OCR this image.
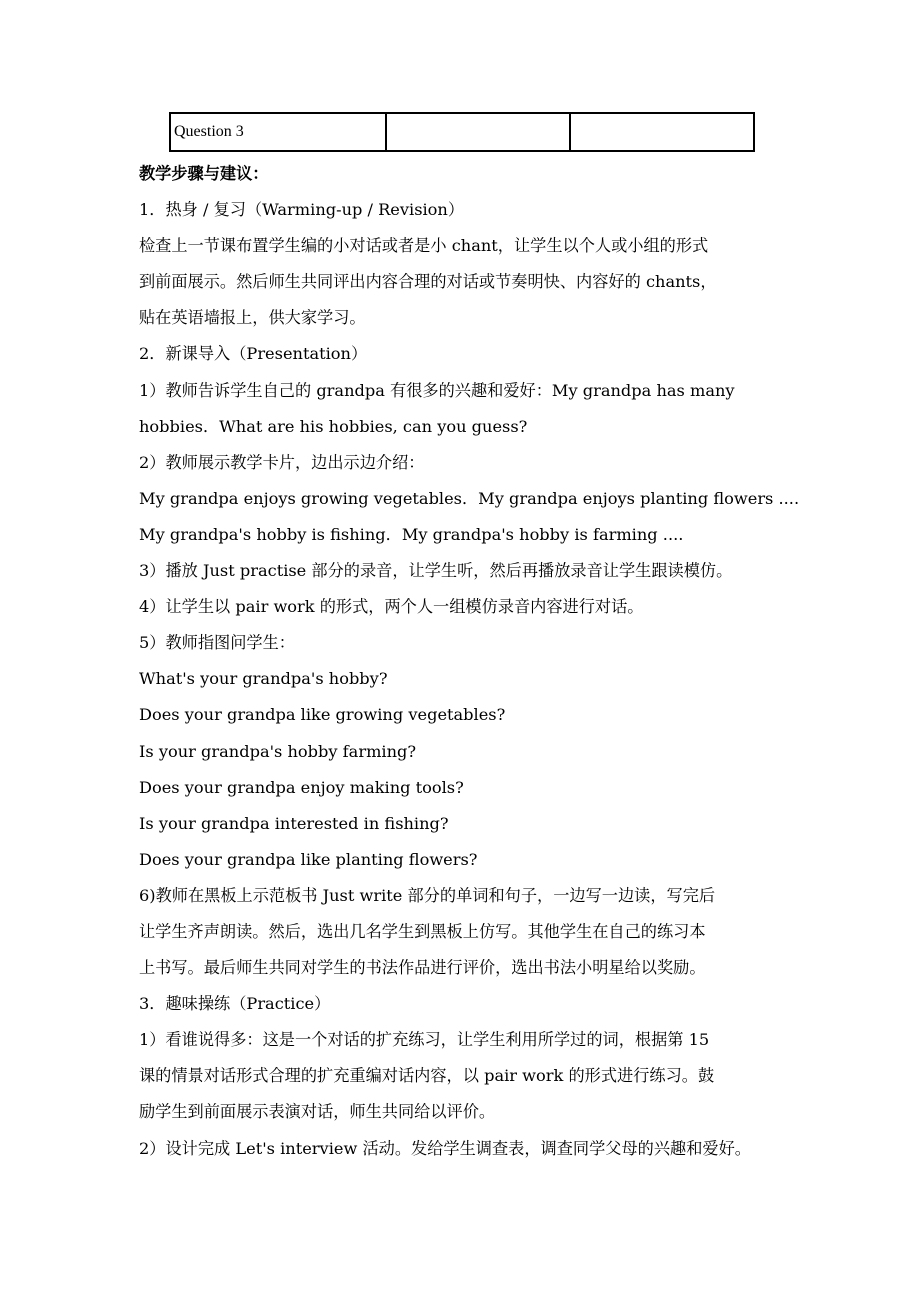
Question 3		

教学步骤与建议：

1．热身 / 复习（Warming-up / Revision）

检查上一节课布置学生编的小对话或者是小 chant，让学生以个人或小组的形式

到前面展示。然后师生共同评出内容合理的对话或节奏明快、内容好的 chants，

贴在英语墙报上，供大家学习。

2．新课导入（Presentation）

1）教师告诉学生自己的 grandpa 有很多的兴趣和爱好：My grandpa has many

hobbies．What are his hobbies, can you guess?

2）教师展示教学卡片，边出示边介绍：

My grandpa enjoys growing vegetables．My grandpa enjoys planting flowers ....

My grandpa's hobby is fishing．My grandpa's hobby is farming ....

3）播放 Just practise 部分的录音，让学生听，然后再播放录音让学生跟读模仿。

4）让学生以 pair work 的形式，两个人一组模仿录音内容进行对话。

5）教师指图问学生：

What's your grandpa's hobby?

Does your grandpa like growing vegetables?

Is your grandpa's hobby farming?

Does your grandpa enjoy making tools?

Is your grandpa interested in fishing?

Does your grandpa like planting flowers?

6)教师在黑板上示范板书 Just write 部分的单词和句子，一边写一边读，写完后

让学生齐声朗读。然后，选出几名学生到黑板上仿写。其他学生在自己的练习本

上书写。最后师生共同对学生的书法作品进行评价，选出书法小明星给以奖励。

3．趣味操练（Practice）

1）看谁说得多：这是一个对话的扩充练习，让学生利用所学过的词，根据第 15

课的情景对话形式合理的扩充重编对话内容，以 pair work 的形式进行练习。鼓

励学生到前面展示表演对话，师生共同给以评价。

2）设计完成 Let's interview 活动。发给学生调查表，调查同学父母的兴趣和爱好。
